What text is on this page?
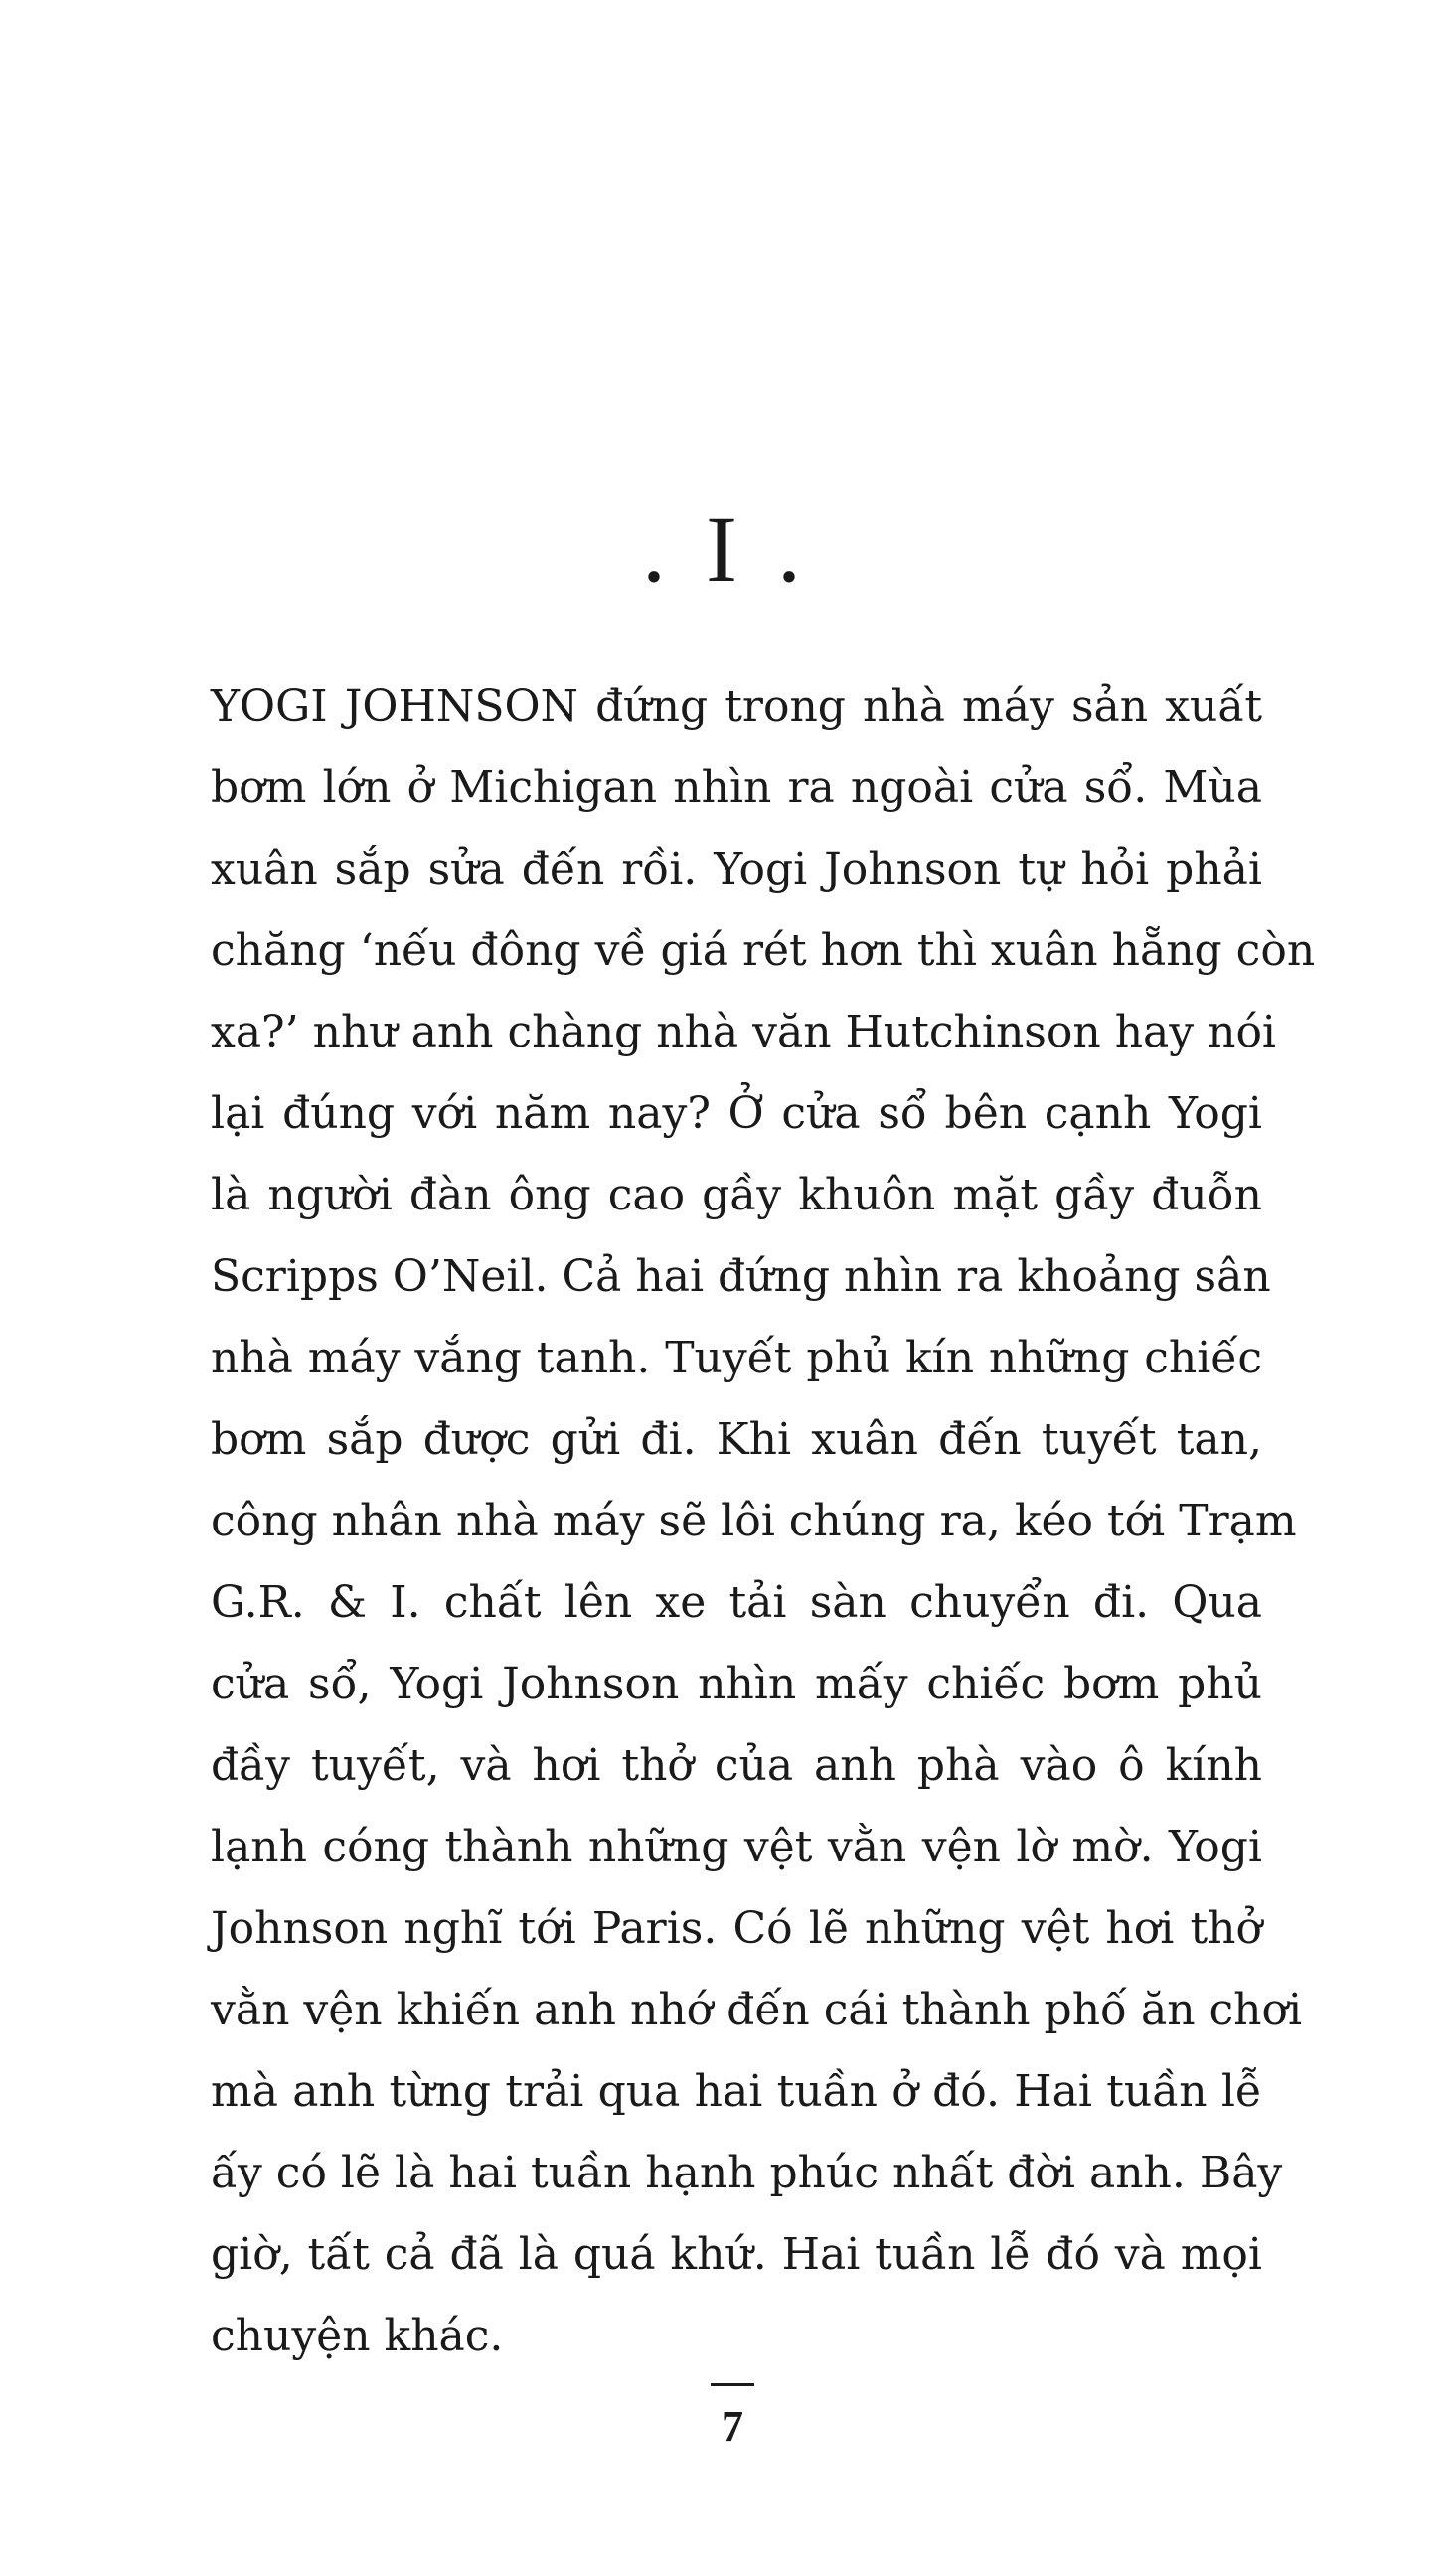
. I .
YOGI JOHNSON đứng trong nhà máy sản xuất
bơm lớn ở Michigan nhìn ra ngoài cửa sổ. Mùa
xuân sắp sửa đến rồi. Yogi Johnson tự hỏi phải
chăng ‘nếu đông về giá rét hơn thì xuân hẵng còn
xa?’ như anh chàng nhà văn Hutchinson hay nói
lại đúng với năm nay? Ở cửa sổ bên cạnh Yogi
là người đàn ông cao gầy khuôn mặt gầy đuỗn
Scripps O’Neil. Cả hai đứng nhìn ra khoảng sân
nhà máy vắng tanh. Tuyết phủ kín những chiếc
bơm sắp được gửi đi. Khi xuân đến tuyết tan,
công nhân nhà máy sẽ lôi chúng ra, kéo tới Trạm
G.R. & I. chất lên xe tải sàn chuyển đi. Qua
cửa sổ, Yogi Johnson nhìn mấy chiếc bơm phủ
đầy tuyết, và hơi thở của anh phà vào ô kính
lạnh cóng thành những vệt vằn vện lờ mờ. Yogi
Johnson nghĩ tới Paris. Có lẽ những vệt hơi thở
vằn vện khiến anh nhớ đến cái thành phố ăn chơi
mà anh từng trải qua hai tuần ở đó. Hai tuần lễ
ấy có lẽ là hai tuần hạnh phúc nhất đời anh. Bây
giờ, tất cả đã là quá khứ. Hai tuần lễ đó và mọi
chuyện khác.
7
